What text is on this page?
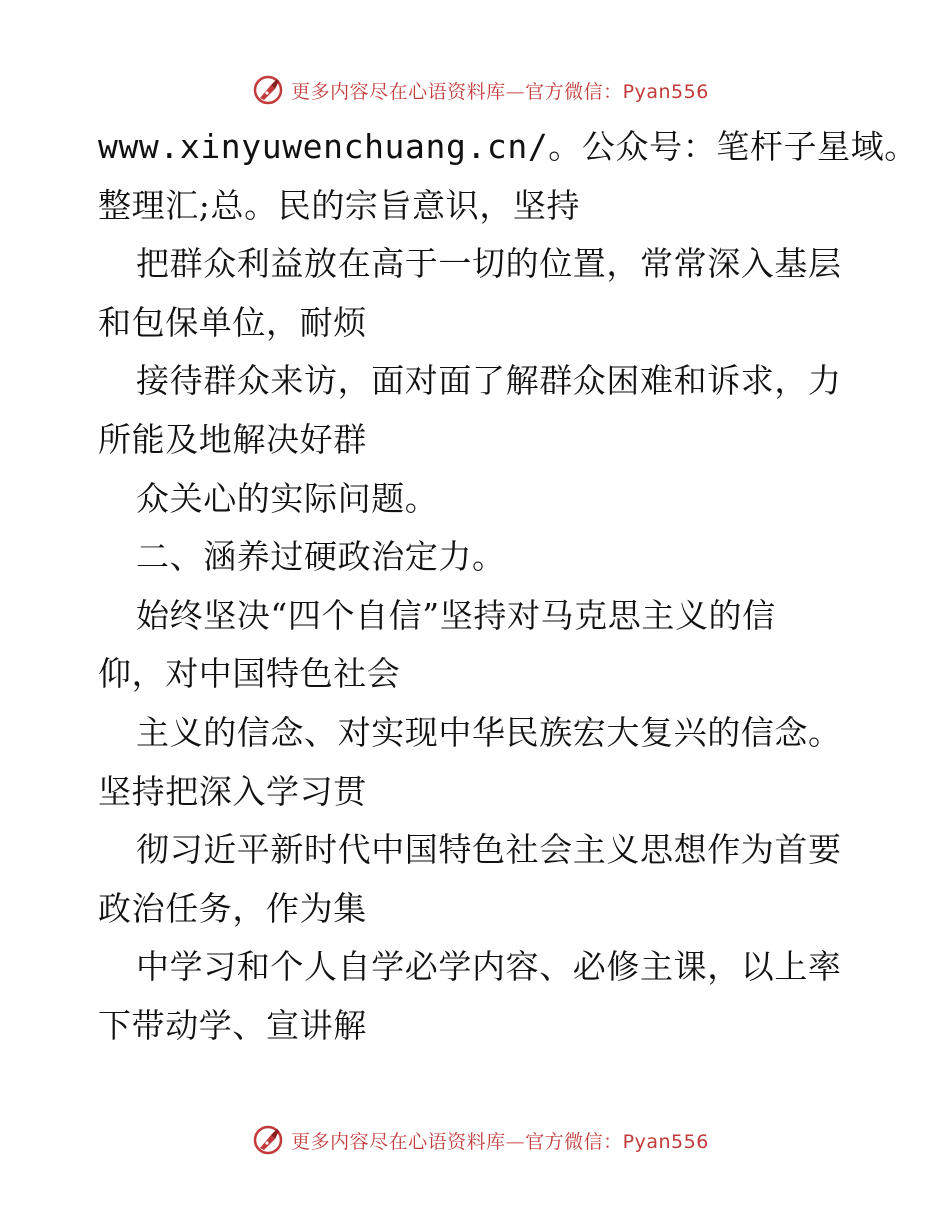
更多内容尽在心语资料库—官方微信：Pyan556
www.xinyuwenchuang.cn/。公众号：笔杆子星域。
整理汇;总。民的宗旨意识，坚持
把群众利益放在高于一切的位置，常常深入基层
和包保单位，耐烦
接待群众来访，面对面了解群众困难和诉求，力
所能及地解决好群
众关心的实际问题。
二、涵养过硬政治定力。
始终坚决“四个自信”坚持对马克思主义的信
仰，对中国特色社会
主义的信念、对实现中华民族宏大复兴的信念。
坚持把深入学习贯
彻习近平新时代中国特色社会主义思想作为首要
政治任务，作为集
中学习和个人自学必学内容、必修主课，以上率
下带动学、宣讲解
更多内容尽在心语资料库—官方微信：Pyan556
